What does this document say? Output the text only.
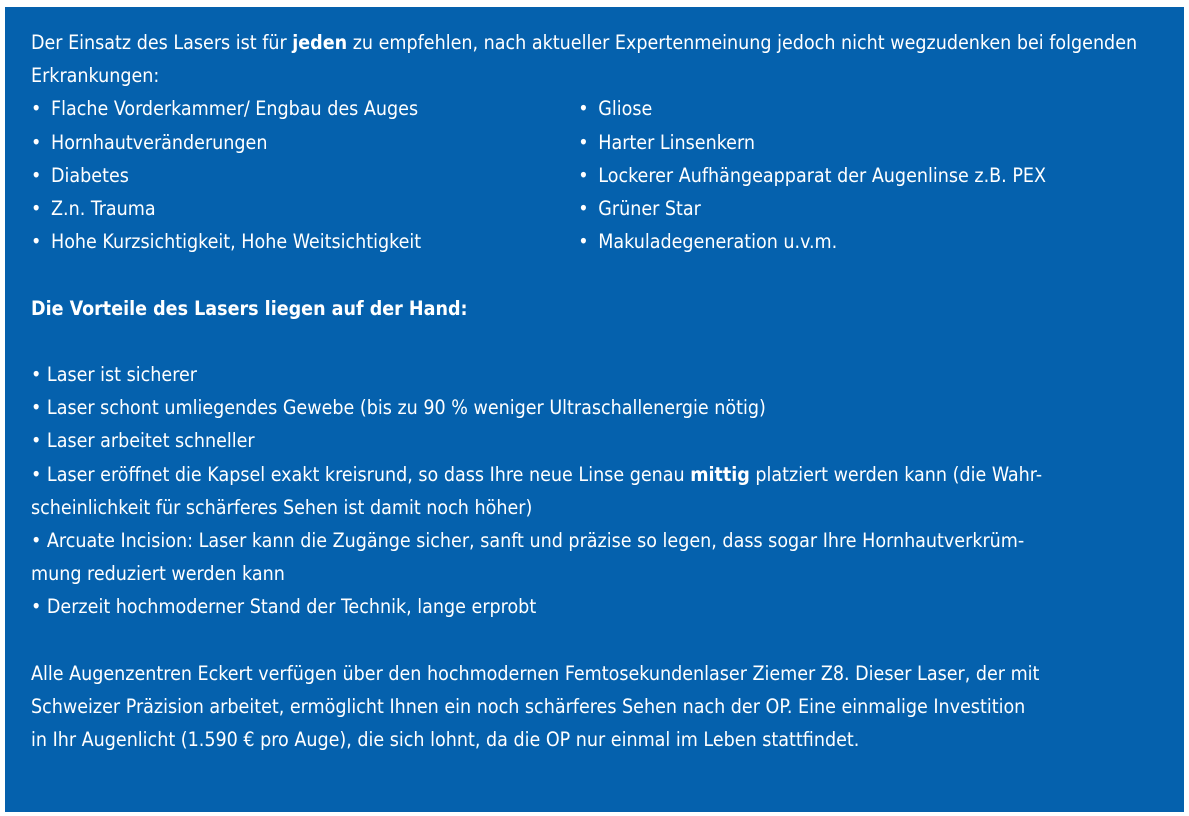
Der Einsatz des Lasers ist für jeden zu empfehlen, nach aktueller Expertenmeinung jedoch nicht wegzudenken bei folgenden Erkrankungen:

• Flache Vorderkammer/ Engbau des Auges
• Hornhautveränderungen
• Diabetes
• Z.n. Trauma
• Hohe Kurzsichtigkeit, Hohe Weitsichtigkeit
• Gliose
• Harter Linsenkern
• Lockerer Aufhängeapparat der Augenlinse z.B. PEX
• Grüner Star
• Makuladegeneration u.v.m.

Die Vorteile des Lasers liegen auf der Hand:

• Laser ist sicherer

• Laser schont umliegendes Gewebe (bis zu 90 % weniger Ultraschallenergie nötig)

• Laser arbeitet schneller

• Laser eröffnet die Kapsel exakt kreisrund, so dass Ihre neue Linse genau mittig platziert werden kann (die Wahr-

scheinlichkeit für schärferes Sehen ist damit noch höher)

• Arcuate Incision: Laser kann die Zugänge sicher, sanft und präzise so legen, dass sogar Ihre Hornhautverkrüm-

mung reduziert werden kann

• Derzeit hochmoderner Stand der Technik, lange erprobt

Alle Augenzentren Eckert verfügen über den hochmodernen Femtosekundenlaser Ziemer Z8. Dieser Laser, der mit

Schweizer Präzision arbeitet, ermöglicht Ihnen ein noch schärferes Sehen nach der OP. Eine einmalige Investition

in Ihr Augenlicht (1.590 € pro Auge), die sich lohnt, da die OP nur einmal im Leben stattfindet.
